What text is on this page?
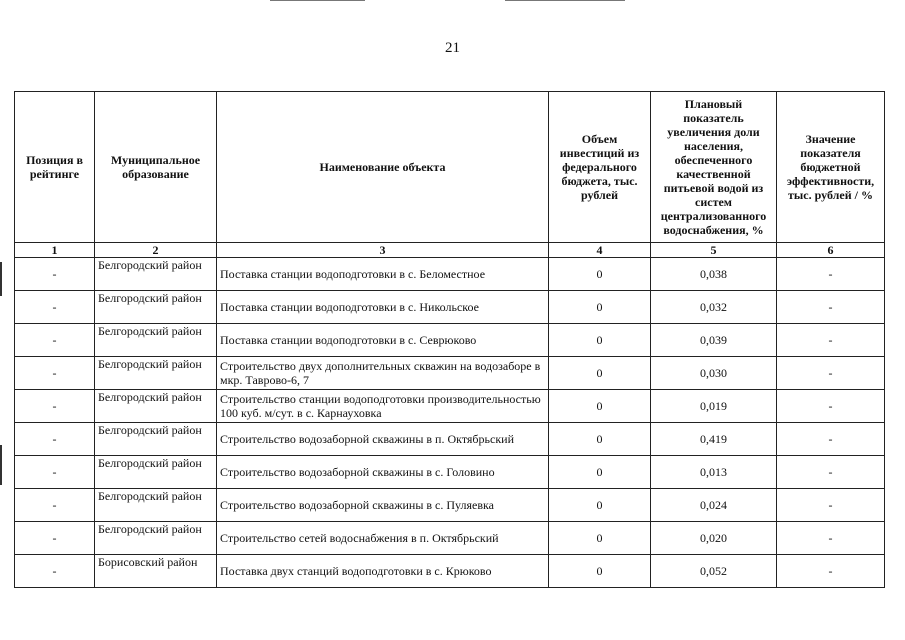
21
Позиция в рейтинге	Муниципальное образование	Наименование объекта	Объем инвестиций из федерального бюджета, тыс. рублей	Плановый показатель увеличения доли населения, обеспеченного качественной питьевой водой из систем централизованного водоснабжения, %	Значение показателя бюджетной эффективности, тыс. рублей / %
1	2	3	4	5	6
-	Белгородский район	Поставка станции водоподготовки в с. Беломестное	0	0,038	-
-	Белгородский район	Поставка станции водоподготовки в с. Никольское	0	0,032	-
-	Белгородский район	Поставка станции водоподготовки в с. Севрюково	0	0,039	-
-	Белгородский район	Строительство двух дополнительных скважин на водозаборе в мкр. Таврово-6, 7	0	0,030	-
-	Белгородский район	Строительство станции водоподготовки производительностью 100 куб. м/сут. в с. Карнауховка	0	0,019	-
-	Белгородский район	Строительство водозаборной скважины в п. Октябрьский	0	0,419	-
-	Белгородский район	Строительство водозаборной скважины в с. Головино	0	0,013	-
-	Белгородский район	Строительство водозаборной скважины в с. Пуляевка	0	0,024	-
-	Белгородский район	Строительство сетей водоснабжения в п. Октябрьский	0	0,020	-
-	Борисовский район	Поставка двух станций водоподготовки в с. Крюково	0	0,052	-
